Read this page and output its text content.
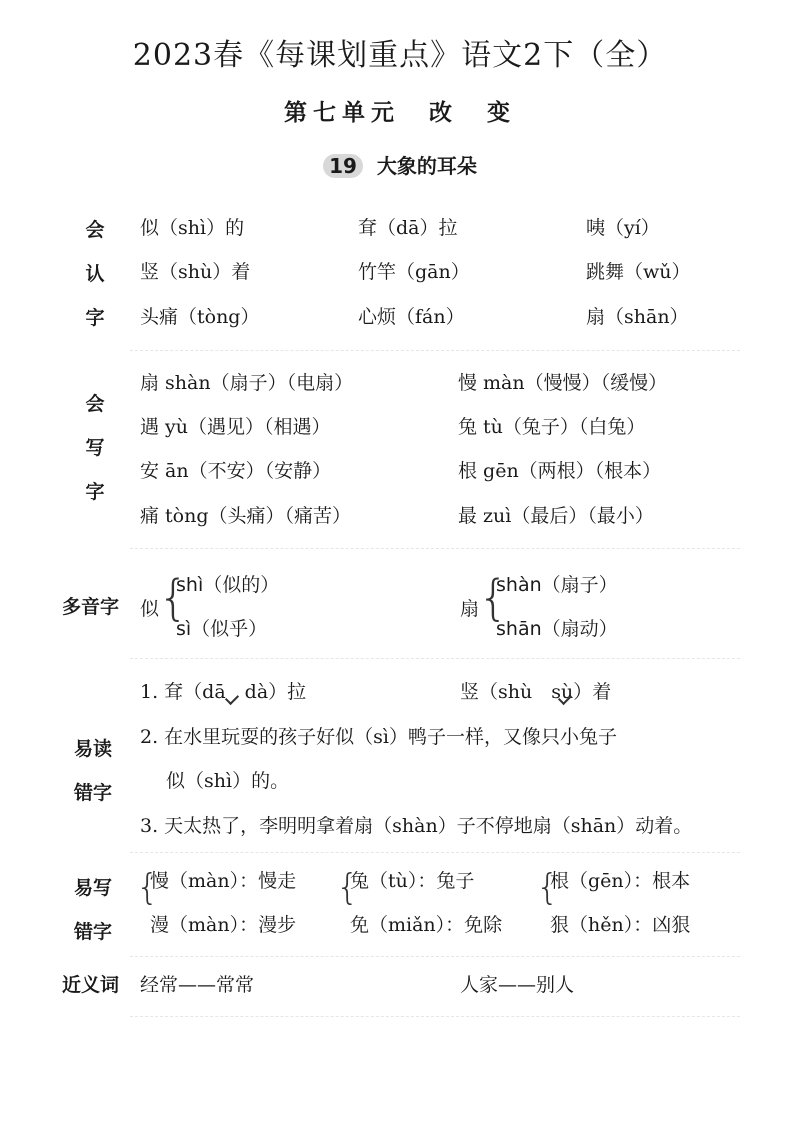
2023春《每课划重点》语文2下（全）
第七单元　改　变
19 大象的耳朵
会
认
字
似（shì）的	耷（dā）拉	咦（yí）
竖（shù）着	竹竿（gān）	跳舞（wǔ）
头痛（tòng）	心烦（fán）	扇（shān）
会
写
字
扇 shàn（扇子）（电扇）	慢 màn（慢慢）（缓慢）
遇 yù（遇见）（相遇）	兔 tù（兔子）（白兔）
安 ān（不安）（安静）	根 gēn（两根）（根本）
痛 tòng（头痛）（痛苦）	最 zuì（最后）（最小）
多音字 似
{
shì（似的）
sì（似乎）
扇
{
shàn（扇子）
shān（扇动）
易读
错字
1. 耷（dā　dà）拉
	竖（shù　sù）着
2. 在水里玩耍的孩子好似（sì）鸭子一样，又像只小兔子
似（shì）的。
3. 天太热了，李明明拿着扇（shàn）子不停地扇（shān）动着。
易写
错字
{
慢（màn）：慢走
漫（màn）：漫步
{
兔（tù）：兔子
免（miǎn）：免除
{
根（gēn）：根本
狠（hěn）：凶狠
近义词 经常——常常	人家——别人
